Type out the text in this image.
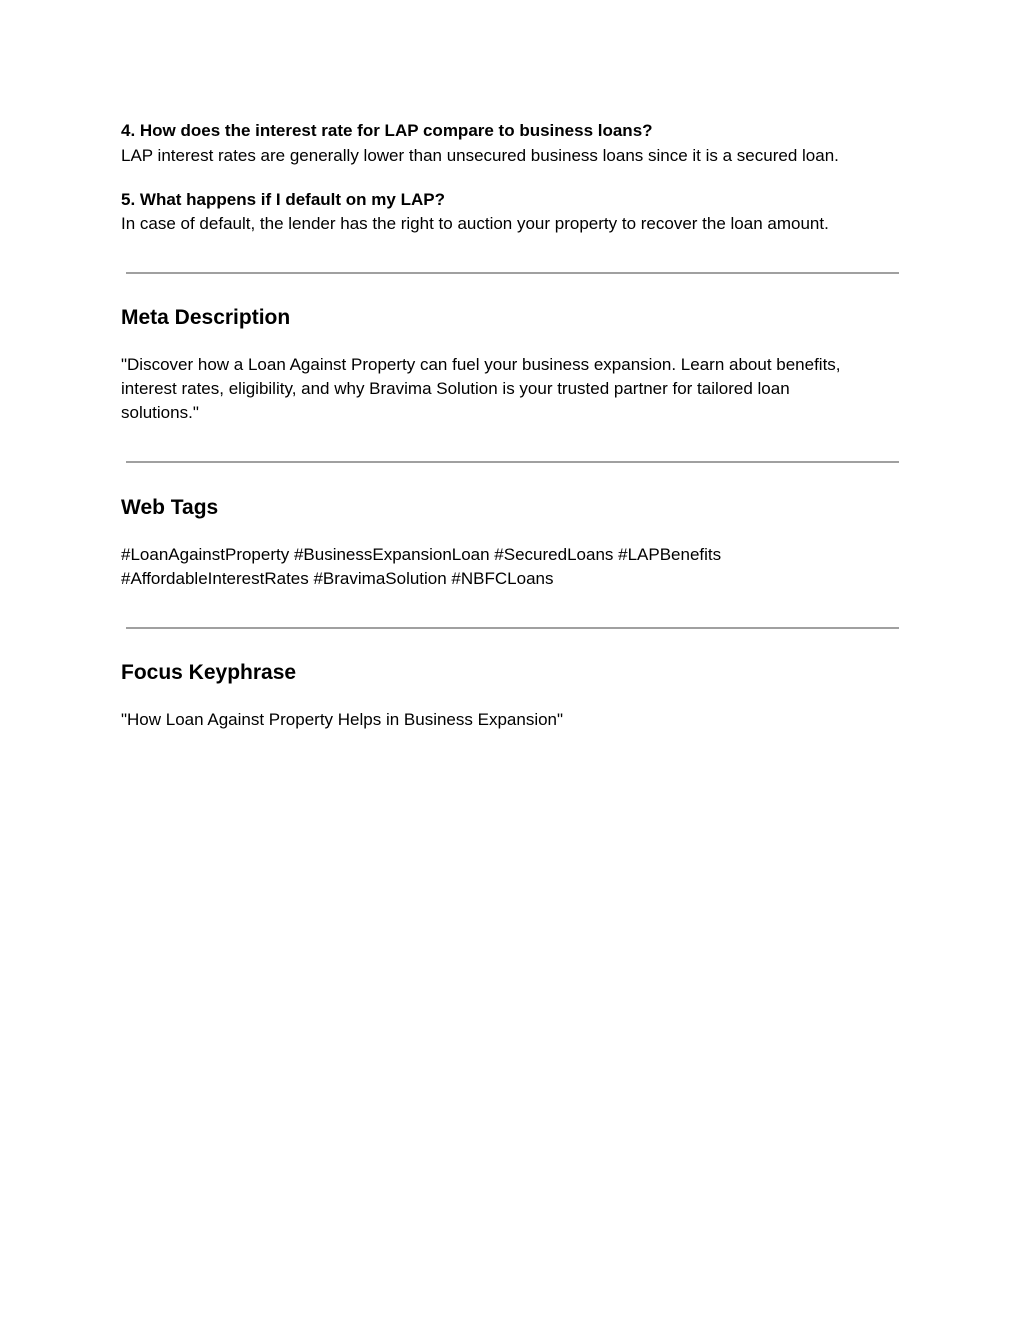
4. How does the interest rate for LAP compare to business loans?
LAP interest rates are generally lower than unsecured business loans since it is a secured loan.
5. What happens if I default on my LAP?
In case of default, the lender has the right to auction your property to recover the loan amount.
Meta Description
"Discover how a Loan Against Property can fuel your business expansion. Learn about benefits,
interest rates, eligibility, and why Bravima Solution is your trusted partner for tailored loan
solutions."
Web Tags
#LoanAgainstProperty #BusinessExpansionLoan #SecuredLoans #LAPBenefits
#AffordableInterestRates #BravimaSolution #NBFCLoans
Focus Keyphrase
"How Loan Against Property Helps in Business Expansion"
